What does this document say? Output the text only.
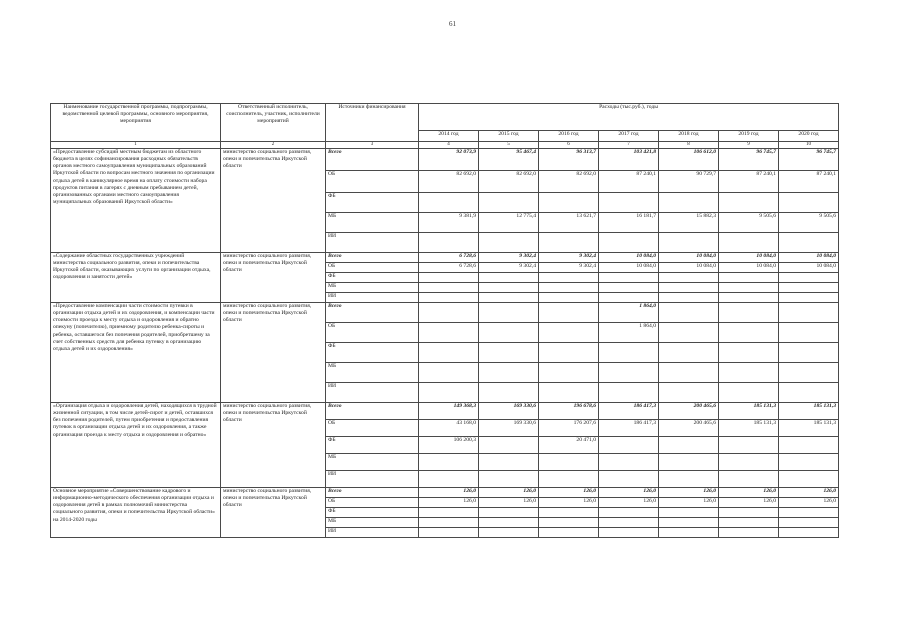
61
Наименование государственной программы, подпрограммы, ведомственной целевой программы, основного мероприятия, мероприятия	Ответственный исполнитель, соисполнитель, участник, исполнители мероприятий	Источники финансирования	Расходы (тыс.руб.), годы						
			2014 год	2015 год	2016 год	2017 год	2018 год	2019 год	2020 год
1	2	3	4	5	6	7	8	9	10
«Предоставление субсидий местным бюджетам из областного бюджета в целях софинансирования расходных обязательств органов местного самоуправления муниципальных образований Иркутской области по вопросам местного значения по организации отдыха детей в каникулярное время на оплату стоимости набора продуктов питания в лагерях с дневным пребыванием детей, организованных органами местного самоуправления муниципальных образований Иркутской области»	министерство социального развития, опеки и попечительства Иркутской области	Всего	92 073,9	95 467,4	96 313,7	103 421,8	106 612,0	96 745,7	96 745,7
		ОБ	82 692,0	82 692,0	82 692,0	87 240,1	90 729,7	87 240,1	87 240,1
		ФБ							
		МБ	9 381,9	12 775,4	13 621,7	16 181,7	15 882,3	9 505,6	9 505,6
		ИИ							
«Содержание областных государственных учреждений министерства социального развития, опеки и попечительства Иркутской области, оказывающих услуги по организации отдыха, оздоровления и занятости детей»	министерство социального развития, опеки и попечительства Иркутской области	Всего	6 728,6	9 302,4	9 302,4	10 084,0	10 084,0	10 084,0	10 084,0
		ОБ	6 728,6	9 302,4	9 302,4	10 084,0	10 084,0	10 084,0	10 084,0
		ФБ							
		МБ							
		ИИ							
«Предоставление компенсации части стоимости путевки в организации отдыха детей и их оздоровления, и компенсации части стоимости проезда к месту отдыха и оздоровления и обратно опекуну (попечителю), приемному родителю ребенка-сироты и ребенка, оставшегося без попечения родителей, приобретшему за счет собственных средств для ребенка путевку в организацию отдыха детей и их оздоровления»	министерство социального развития, опеки и попечительства Иркутской области	Всего				1 864,0			
		ОБ				1 864,0			
		ФБ							
		МБ							
		ИИ							
«Организация отдыха и оздоровления детей, находящихся в трудной жизненной ситуации, в том числе детей-сирот и детей, оставшихся без попечения родителей, путем приобретения и предоставления путевок в организации отдыха детей и их оздоровления, а также организация проезда к месту отдыха и оздоровления и обратно»	министерство социального развития, опеки и попечительства Иркутской области	Всего	149 368,3	169 330,6	196 678,6	186 417,3	200 465,6	185 131,3	185 131,3
		ОБ	43 168,0	169 330,6	176 207,6	186 417,3	200 465,6	185 131,3	185 131,3
		ФБ	106 200,3		20 471,0				
		МБ							
		ИИ							
Основное мероприятие «Совершенствование кадрового и информационно-методического обеспечения организации отдыха и оздоровления детей в рамках полномочий министерства социального развития, опеки и попечительства Иркутской области» на 2014-2020 годы	министерство социального развития, опеки и попечительства Иркутской области	Всего	126,0	126,0	126,0	126,0	126,0	126,0	126,0
		ОБ	126,0	126,0	126,0	126,0	126,0	126,0	126,0
		ФБ							
		МБ							
		ИИ							
